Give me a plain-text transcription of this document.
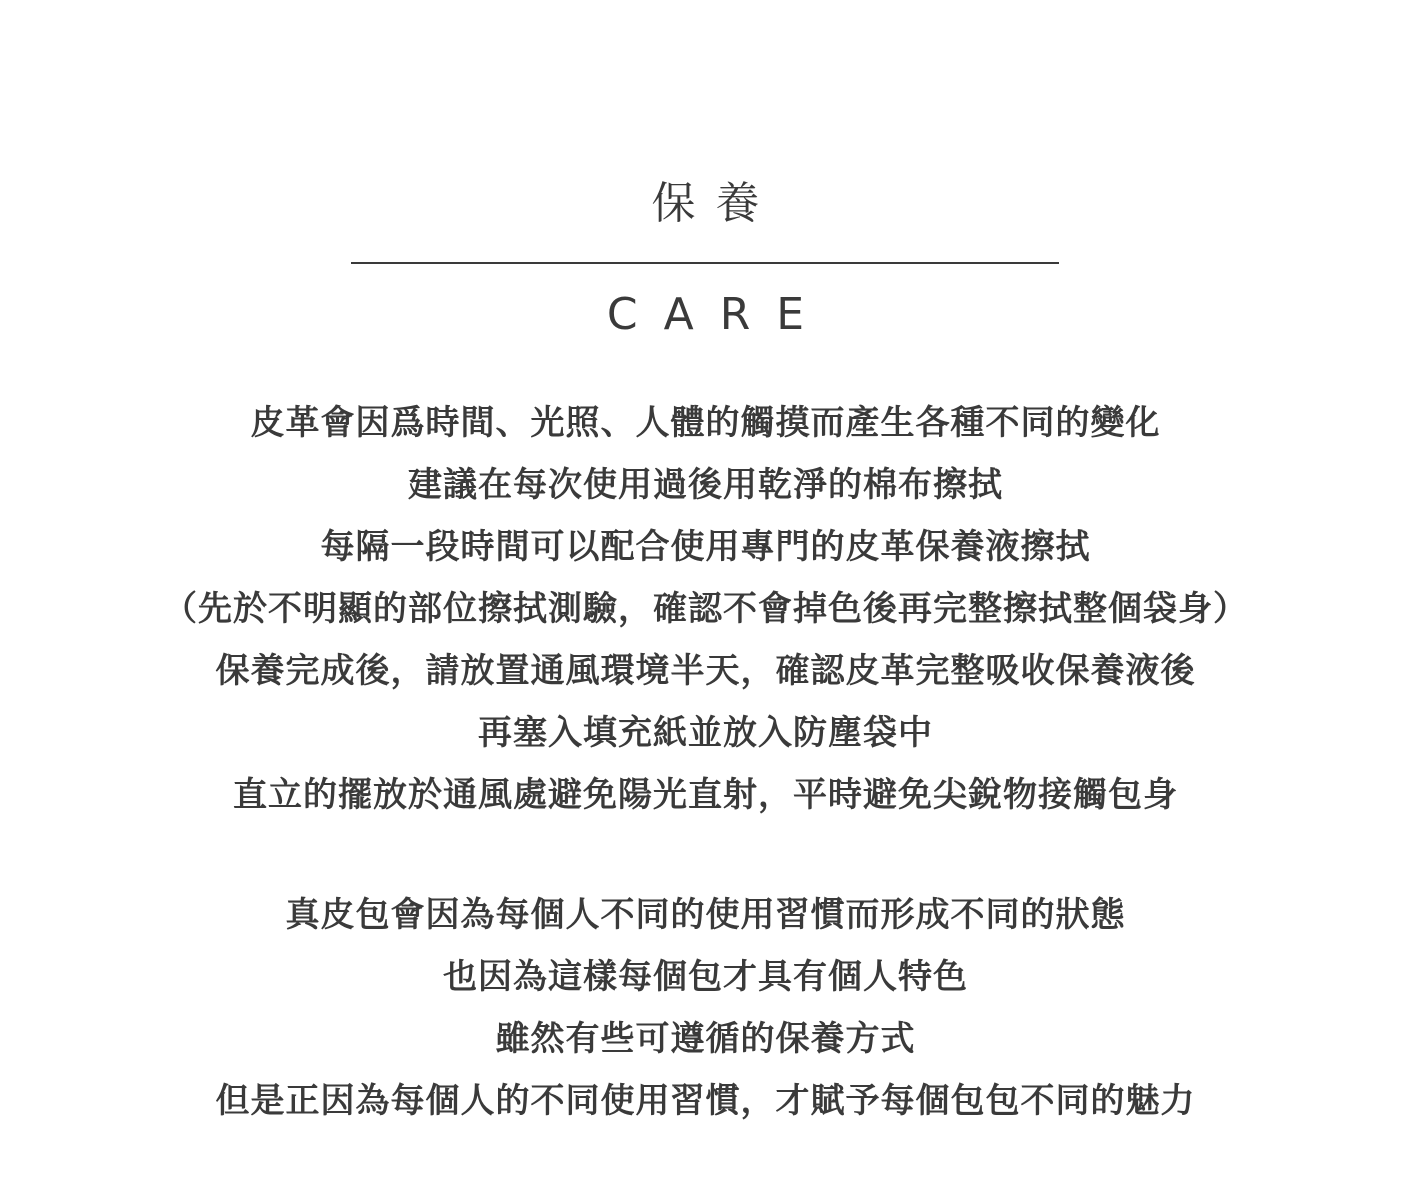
保養
CARE
皮革會因爲時間、光照、人體的觸摸而產生各種不同的變化
建議在每次使用過後用乾淨的棉布擦拭
每隔一段時間可以配合使用專門的皮革保養液擦拭
（先於不明顯的部位擦拭測驗，確認不會掉色後再完整擦拭整個袋身）
保養完成後，請放置通風環境半天，確認皮革完整吸收保養液後
再塞入填充紙並放入防塵袋中
直立的擺放於通風處避免陽光直射，平時避免尖銳物接觸包身
真皮包會因為每個人不同的使用習慣而形成不同的狀態
也因為這樣每個包才具有個人特色
雖然有些可遵循的保養方式
但是正因為每個人的不同使用習慣，才賦予每個包包不同的魅力
